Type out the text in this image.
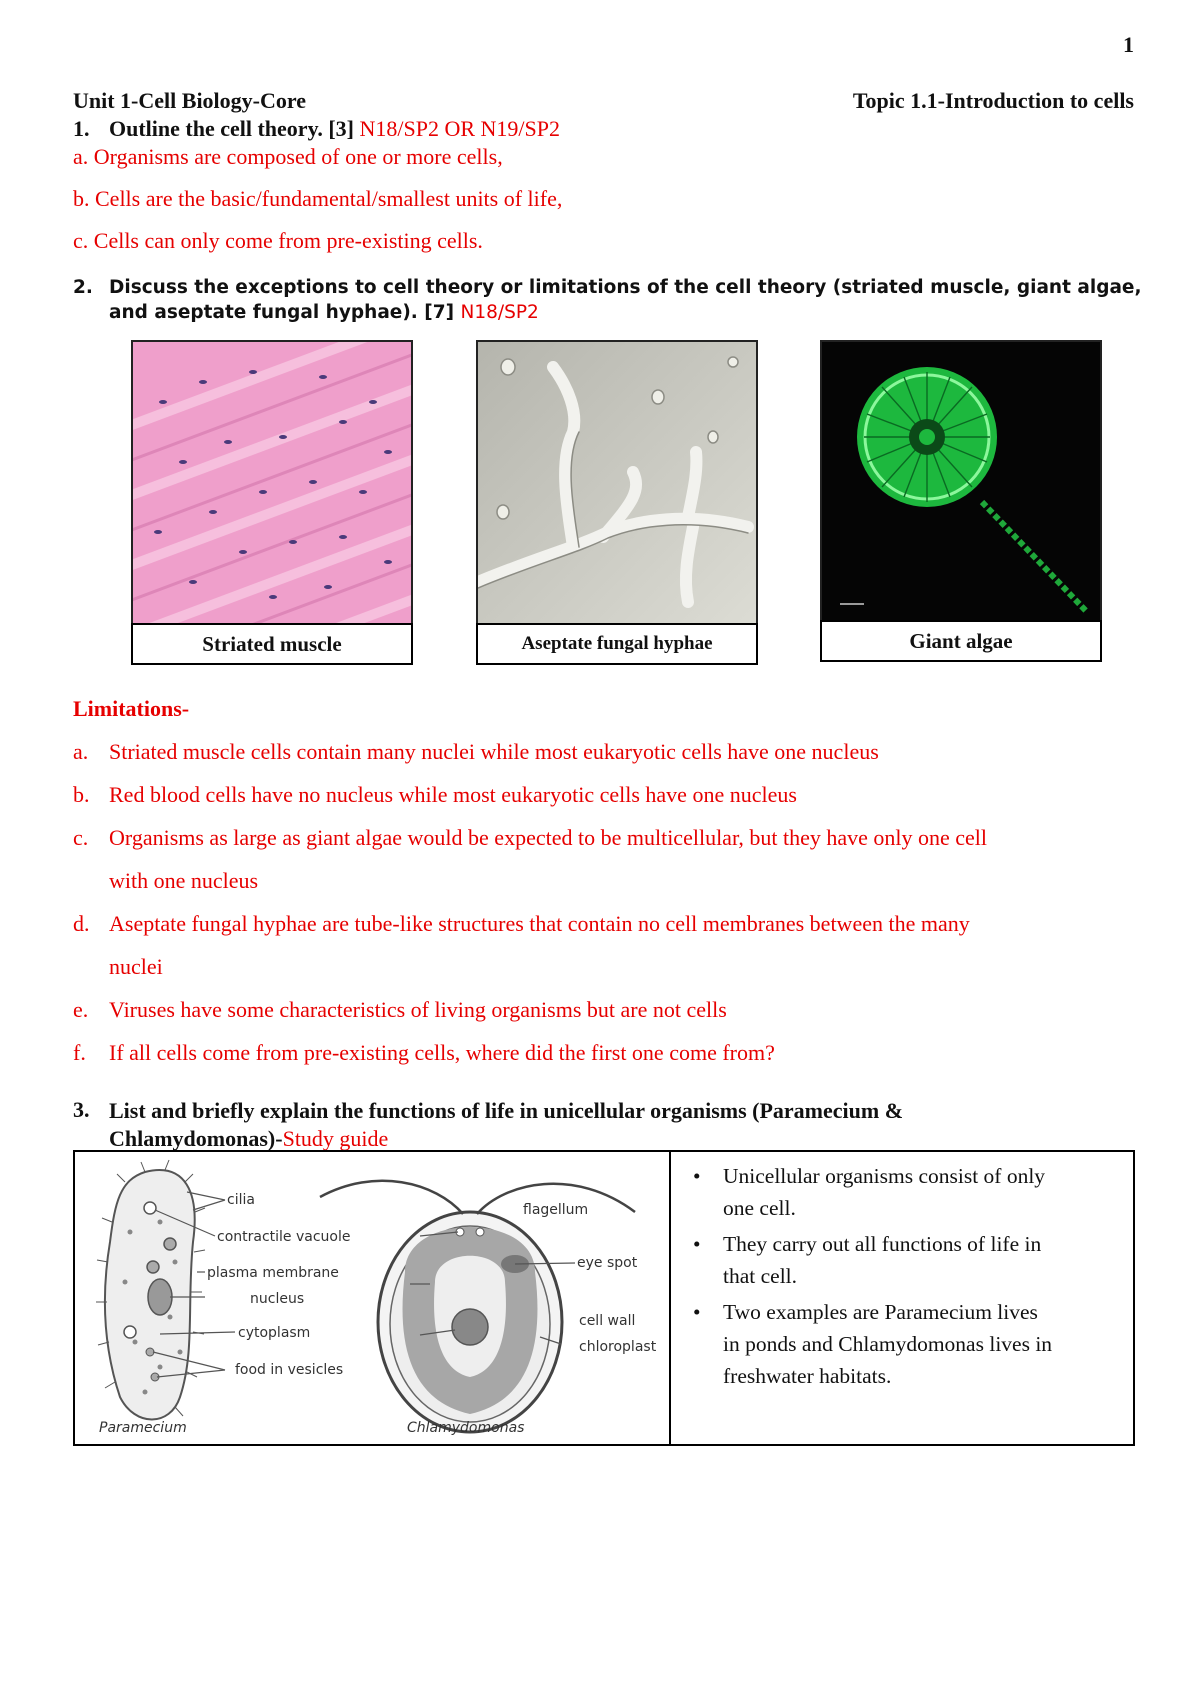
1
Unit 1-Cell Biology-Core	Topic 1.1-Introduction to cells
1. Outline the cell theory. [3] N18/SP2 OR N19/SP2
a. Organisms are composed of one or more cells,
b. Cells are the basic/fundamental/smallest units of life,
c. Cells can only come from pre-existing cells.
2. Discuss the exceptions to cell theory or limitations of the cell theory (striated muscle, giant algae,
and aseptate fungal hyphae). [7] N18/SP2
Striated muscle	Aseptate fungal hyphae	Giant algae
Limitations-
a. Striated muscle cells contain many nuclei while most eukaryotic cells have one nucleus
b. Red blood cells have no nucleus while most eukaryotic cells have one nucleus
c. Organisms as large as giant algae would be expected to be multicellular, but they have only one cell
with one nucleus
d. Aseptate fungal hyphae are tube-like structures that contain no cell membranes between the many
nuclei
e. Viruses have some characteristics of living organisms but are not cells
f. If all cells come from pre-existing cells, where did the first one come from?
3. List and briefly explain the functions of life in unicellular organisms (Paramecium &
Chlamydomonas)-Study guide
cilia
contractile vacuole
plasma membrane
nucleus
cytoplasm
food in vesicles
Paramecium	Chlamydomonas
flagellum
eye spot
cell wall
chloroplast
• Unicellular organisms consist of only
one cell.
• They carry out all functions of life in
that cell.
• Two examples are Paramecium lives
in ponds and Chlamydomonas lives in
freshwater habitats.
